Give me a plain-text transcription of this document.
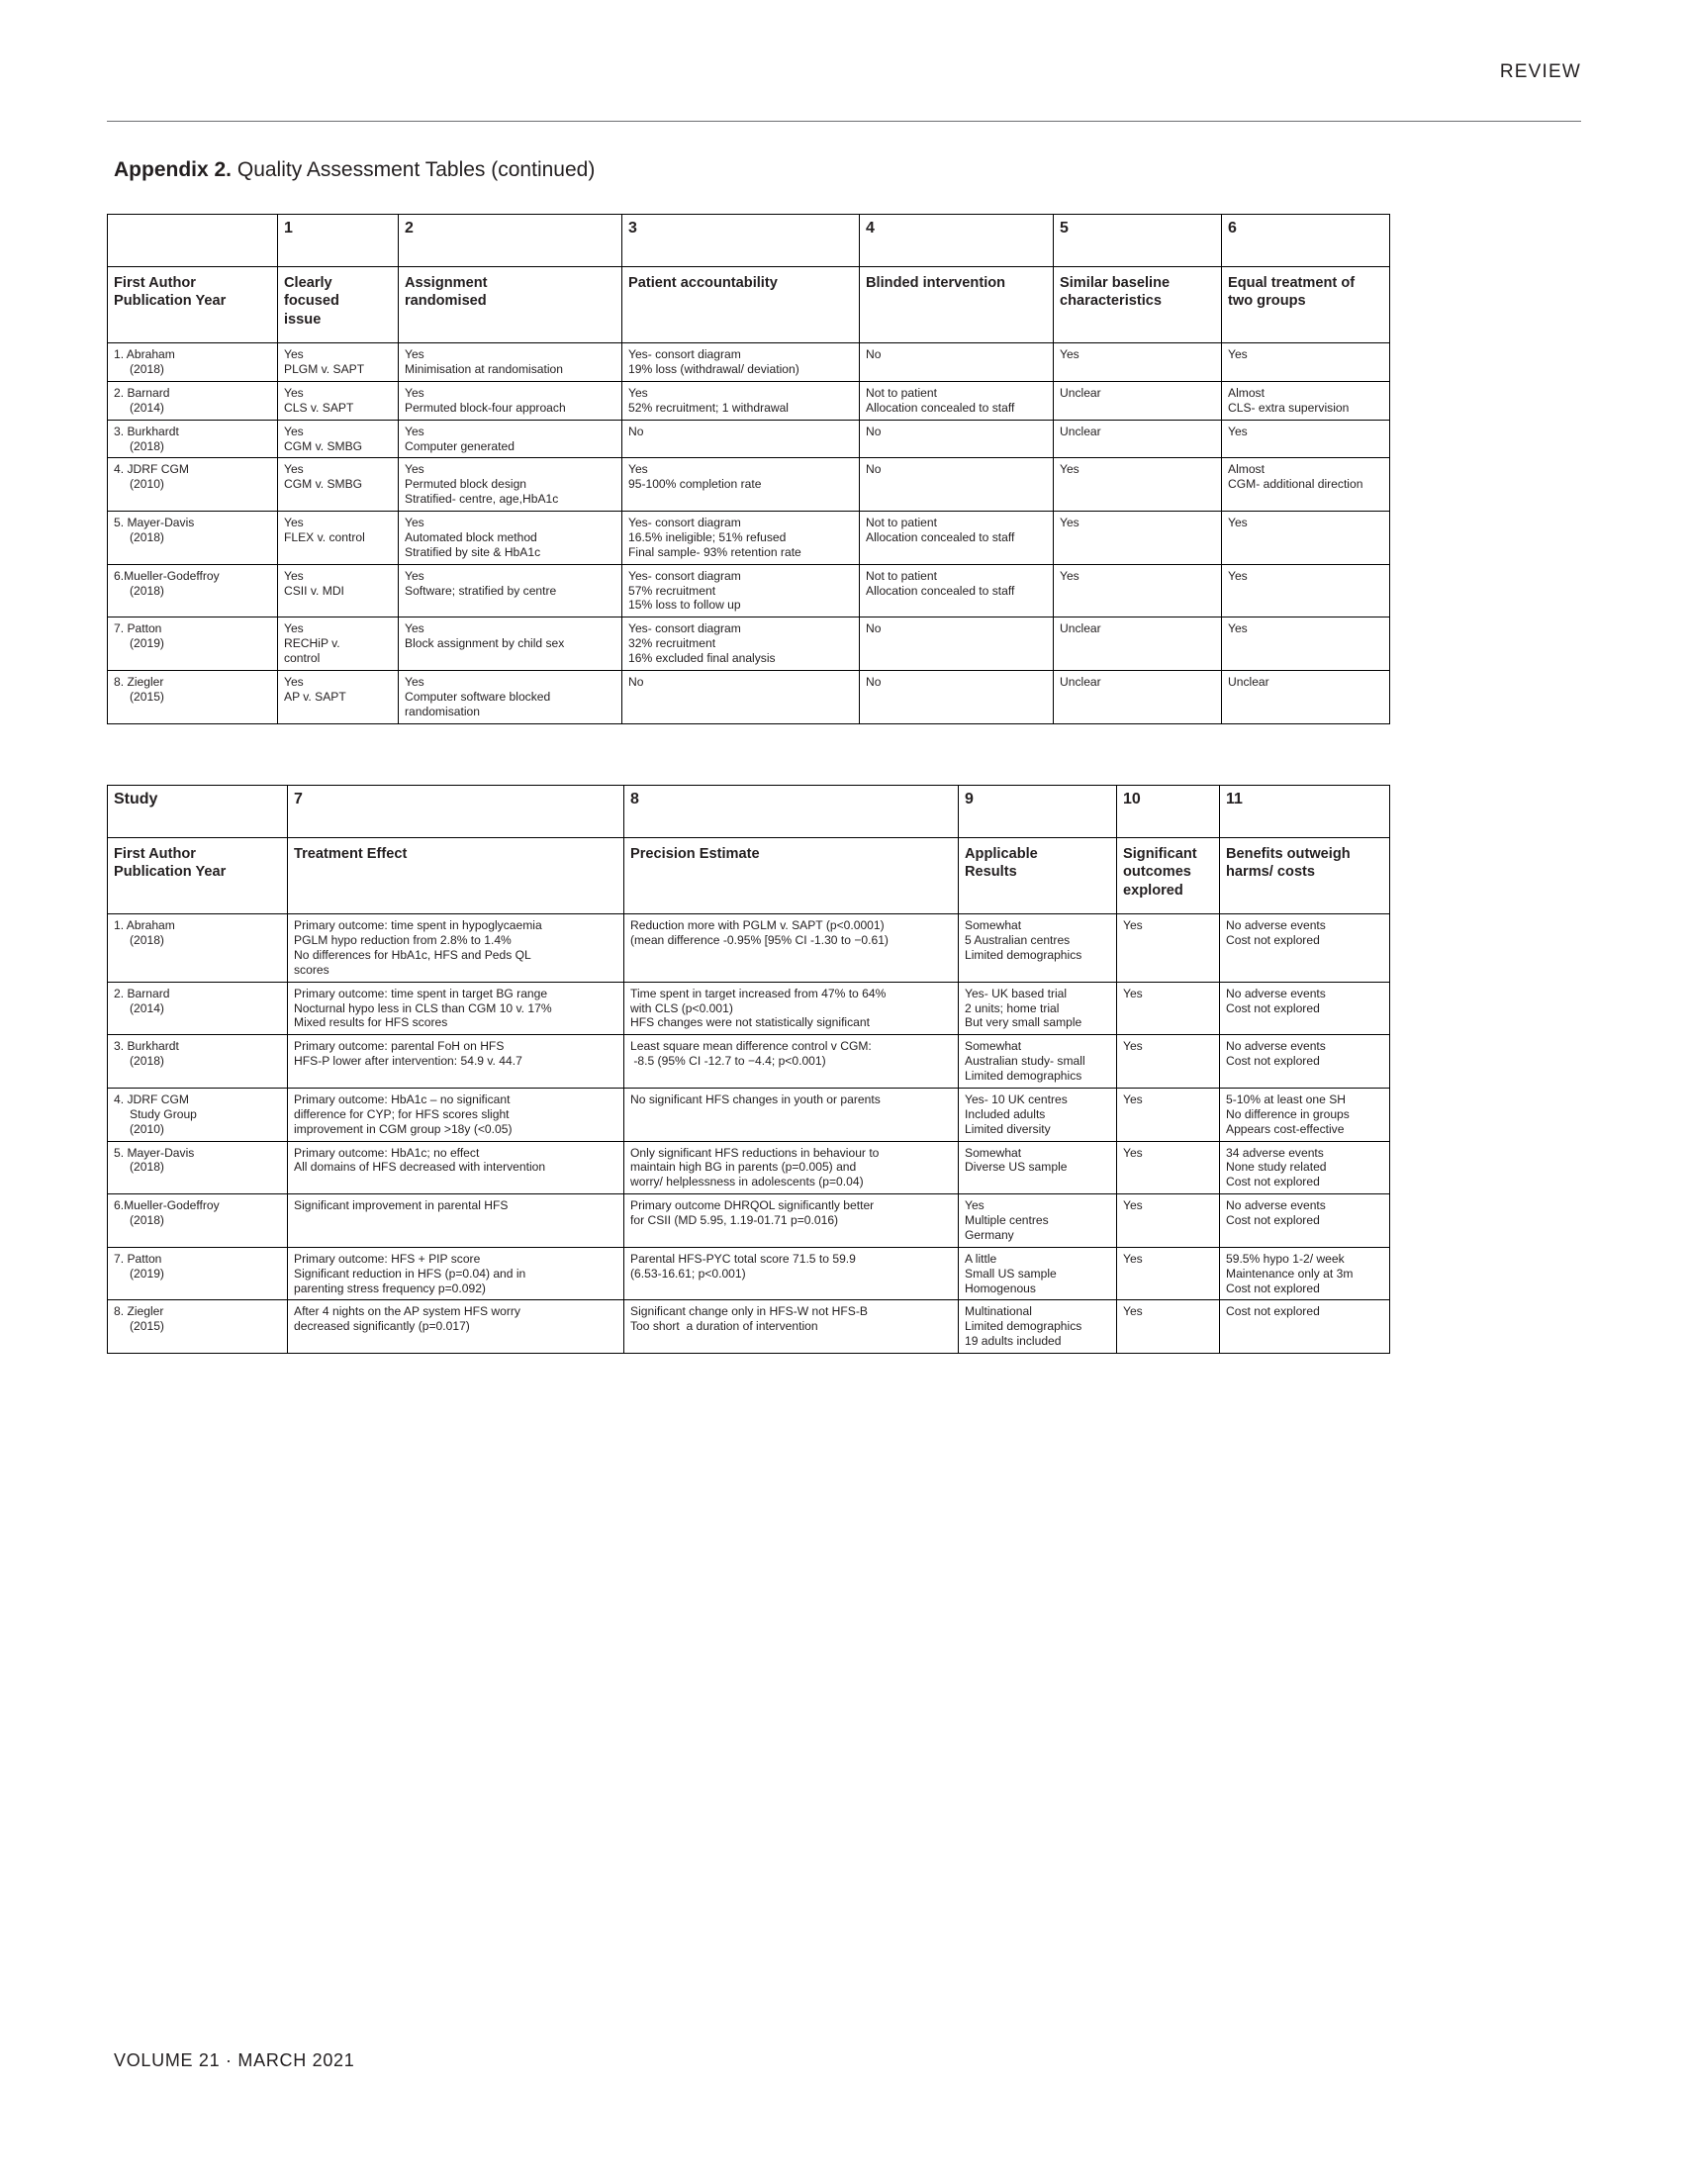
REVIEW
Appendix 2. Quality Assessment Tables (continued)

	1	2	3	4	5	6

First Author
Publication Year	Clearly
focused
issue	Assignment
randomised	Patient accountability	Blinded intervention	Similar baseline
characteristics	Equal treatment of
two groups

1. Abraham
(2018)	Yes
PLGM v. SAPT	Yes
Minimisation at randomisation	Yes- consort diagram
19% loss (withdrawal/ deviation)	No	Yes	Yes

2. Barnard
(2014)	Yes
CLS v. SAPT	Yes
Permuted block-four approach	Yes
52% recruitment; 1 withdrawal	Not to patient
Allocation concealed to staff	Unclear	Almost
CLS- extra supervision

3. Burkhardt
(2018)	Yes
CGM v. SMBG	Yes
Computer generated	No	No	Unclear	Yes

4. JDRF CGM
(2010)	Yes
CGM v. SMBG	Yes
Permuted block design
Stratified- centre, age,HbA1c	Yes
95-100% completion rate	No	Yes	Almost
CGM- additional direction

5. Mayer-Davis
(2018)	Yes
FLEX v. control	Yes
Automated block method
Stratified by site & HbA1c	Yes- consort diagram
16.5% ineligible; 51% refused
Final sample- 93% retention rate	Not to patient
Allocation concealed to staff	Yes	Yes

6.Mueller-Godeffroy
(2018)	Yes
CSII v. MDI	Yes
Software; stratified by centre	Yes- consort diagram
57% recruitment
15% loss to follow up	Not to patient
Allocation concealed to staff	Yes	Yes

7. Patton
(2019)	Yes
RECHiP v.
control	Yes
Block assignment by child sex	Yes- consort diagram
32% recruitment
16% excluded final analysis	No	Unclear	Yes

8. Ziegler
(2015)	Yes
AP v. SAPT	Yes
Computer software blocked
randomisation	No	No	Unclear	Unclear
Study	7	8	9	10	11

First Author
Publication Year	Treatment Effect	Precision Estimate	Applicable
Results	Significant
outcomes
explored	Benefits outweigh
harms/ costs

1. Abraham
(2018)	Primary outcome: time spent in hypoglycaemia
PGLM hypo reduction from 2.8% to 1.4%
No differences for HbA1c, HFS and Peds QL
scores	Reduction more with PGLM v. SAPT (p<0.0001)
(mean difference -0.95% [95% CI -1.30 to −0.61)	Somewhat
5 Australian centres
Limited demographics	Yes	No adverse events
Cost not explored

2. Barnard
(2014)	Primary outcome: time spent in target BG range
Nocturnal hypo less in CLS than CGM 10 v. 17%
Mixed results for HFS scores	Time spent in target increased from 47% to 64%
with CLS (p<0.001)
HFS changes were not statistically significant	Yes- UK based trial
2 units; home trial
But very small sample	Yes	No adverse events
Cost not explored

3. Burkhardt
(2018)	Primary outcome: parental FoH on HFS
HFS-P lower after intervention: 54.9 v. 44.7	Least square mean difference control v CGM:
-8.5 (95% CI -12.7 to −4.4; p<0.001)	Somewhat
Australian study- small
Limited demographics	Yes	No adverse events
Cost not explored

4. JDRF CGM
Study Group
(2010)	Primary outcome: HbA1c – no significant
difference for CYP; for HFS scores slight
improvement in CGM group >18y (<0.05)	No significant HFS changes in youth or parents	Yes- 10 UK centres
Included adults
Limited diversity	Yes	5-10% at least one SH
No difference in groups
Appears cost-effective

5. Mayer-Davis
(2018)	Primary outcome: HbA1c; no effect
All domains of HFS decreased with intervention	Only significant HFS reductions in behaviour to
maintain high BG in parents (p=0.005) and
worry/ helplessness in adolescents (p=0.04)	Somewhat
Diverse US sample	Yes	34 adverse events
None study related
Cost not explored

6.Mueller-Godeffroy
(2018)	Significant improvement in parental HFS	Primary outcome DHRQOL significantly better
for CSII (MD 5.95, 1.19-01.71 p=0.016)	Yes
Multiple centres
Germany	Yes	No adverse events
Cost not explored

7. Patton
(2019)	Primary outcome: HFS + PIP score
Significant reduction in HFS (p=0.04) and in
parenting stress frequency p=0.092)	Parental HFS-PYC total score 71.5 to 59.9
(6.53-16.61; p<0.001)	A little
Small US sample
Homogenous	Yes	59.5% hypo 1-2/ week
Maintenance only at 3m
Cost not explored

8. Ziegler
(2015)	After 4 nights on the AP system HFS worry
decreased significantly (p=0.017)	Significant change only in HFS-W not HFS-B
Too short  a duration of intervention	Multinational
Limited demographics
19 adults included	Yes	Cost not explored
VOLUME 21 · MARCH 2021
